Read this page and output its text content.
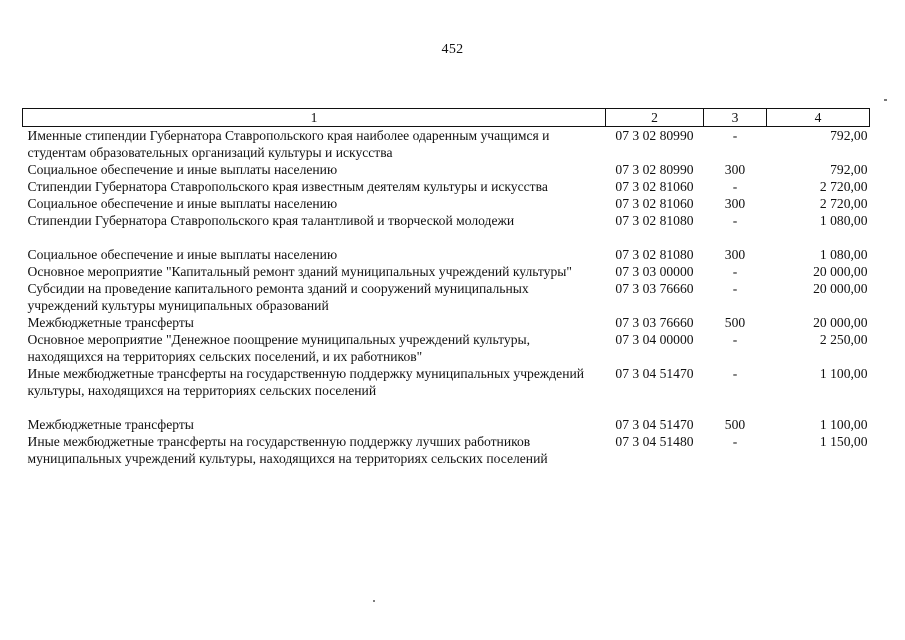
452
1	2	3	4
Именные стипендии Губернатора Ставропольского края наиболее одаренным учащимся и студентам образовательных организаций культуры и искусства	07 3 02 80990	-	792,00
Социальное обеспечение и иные выплаты населению	07 3 02 80990	300	792,00
Стипендии Губернатора Ставропольского края известным деятелям культуры и искусства	07 3 02 81060	-	2 720,00
Социальное обеспечение и иные выплаты населению	07 3 02 81060	300	2 720,00
Стипендии Губернатора Ставропольского края талантливой и творческой молодежи	07 3 02 81080	-	1 080,00
Социальное обеспечение и иные выплаты населению	07 3 02 81080	300	1 080,00
Основное мероприятие "Капитальный ремонт зданий муниципальных учреждений культуры"	07 3 03 00000	-	20 000,00
Субсидии на проведение капитального ремонта зданий и сооружений муниципальных учреждений культуры муниципальных образований	07 3 03 76660	-	20 000,00
Межбюджетные трансферты	07 3 03 76660	500	20 000,00
Основное мероприятие "Денежное поощрение муниципальных учреждений культуры, находящихся на территориях сельских поселений, и их работников"	07 3 04 00000	-	2 250,00
Иные межбюджетные трансферты на государственную поддержку муниципальных учреждений культуры, находящихся на территориях сельских поселений	07 3 04 51470	-	1 100,00
Межбюджетные трансферты	07 3 04 51470	500	1 100,00
Иные межбюджетные трансферты на государственную поддержку лучших работников муниципальных учреждений культуры, находящихся на территориях сельских поселений	07 3 04 51480	-	1 150,00
